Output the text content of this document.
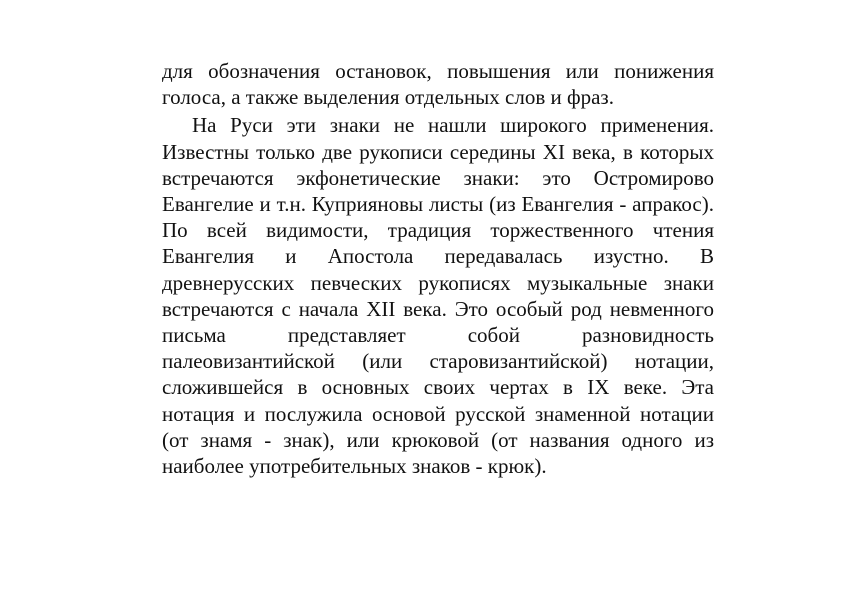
для обозначения остановок, повышения или понижения голоса, а также выделения отдельных слов и фраз.

На Руси эти знаки не нашли широкого применения. Известны только две рукописи середины XI века, в которых встречаются экфонетические знаки: это Остромирово Евангелие и т.н. Куприяновы листы (из Евангелия - апракос). По всей видимости, традиция торжественного чтения Евангелия и Апостола передавалась изустно. В древнерусских певческих рукописях музыкальные знаки встречаются с начала XII века. Это особый род невменного письма представляет собой разновидность палеовизантийской (или старовизантийской) нотации, сложившейся в основных своих чертах в IX веке. Эта нотация и послужила основой русской знаменной нотации (от знамя - знак), или крюковой (от названия одного из наиболее употребительных знаков - крюк).
